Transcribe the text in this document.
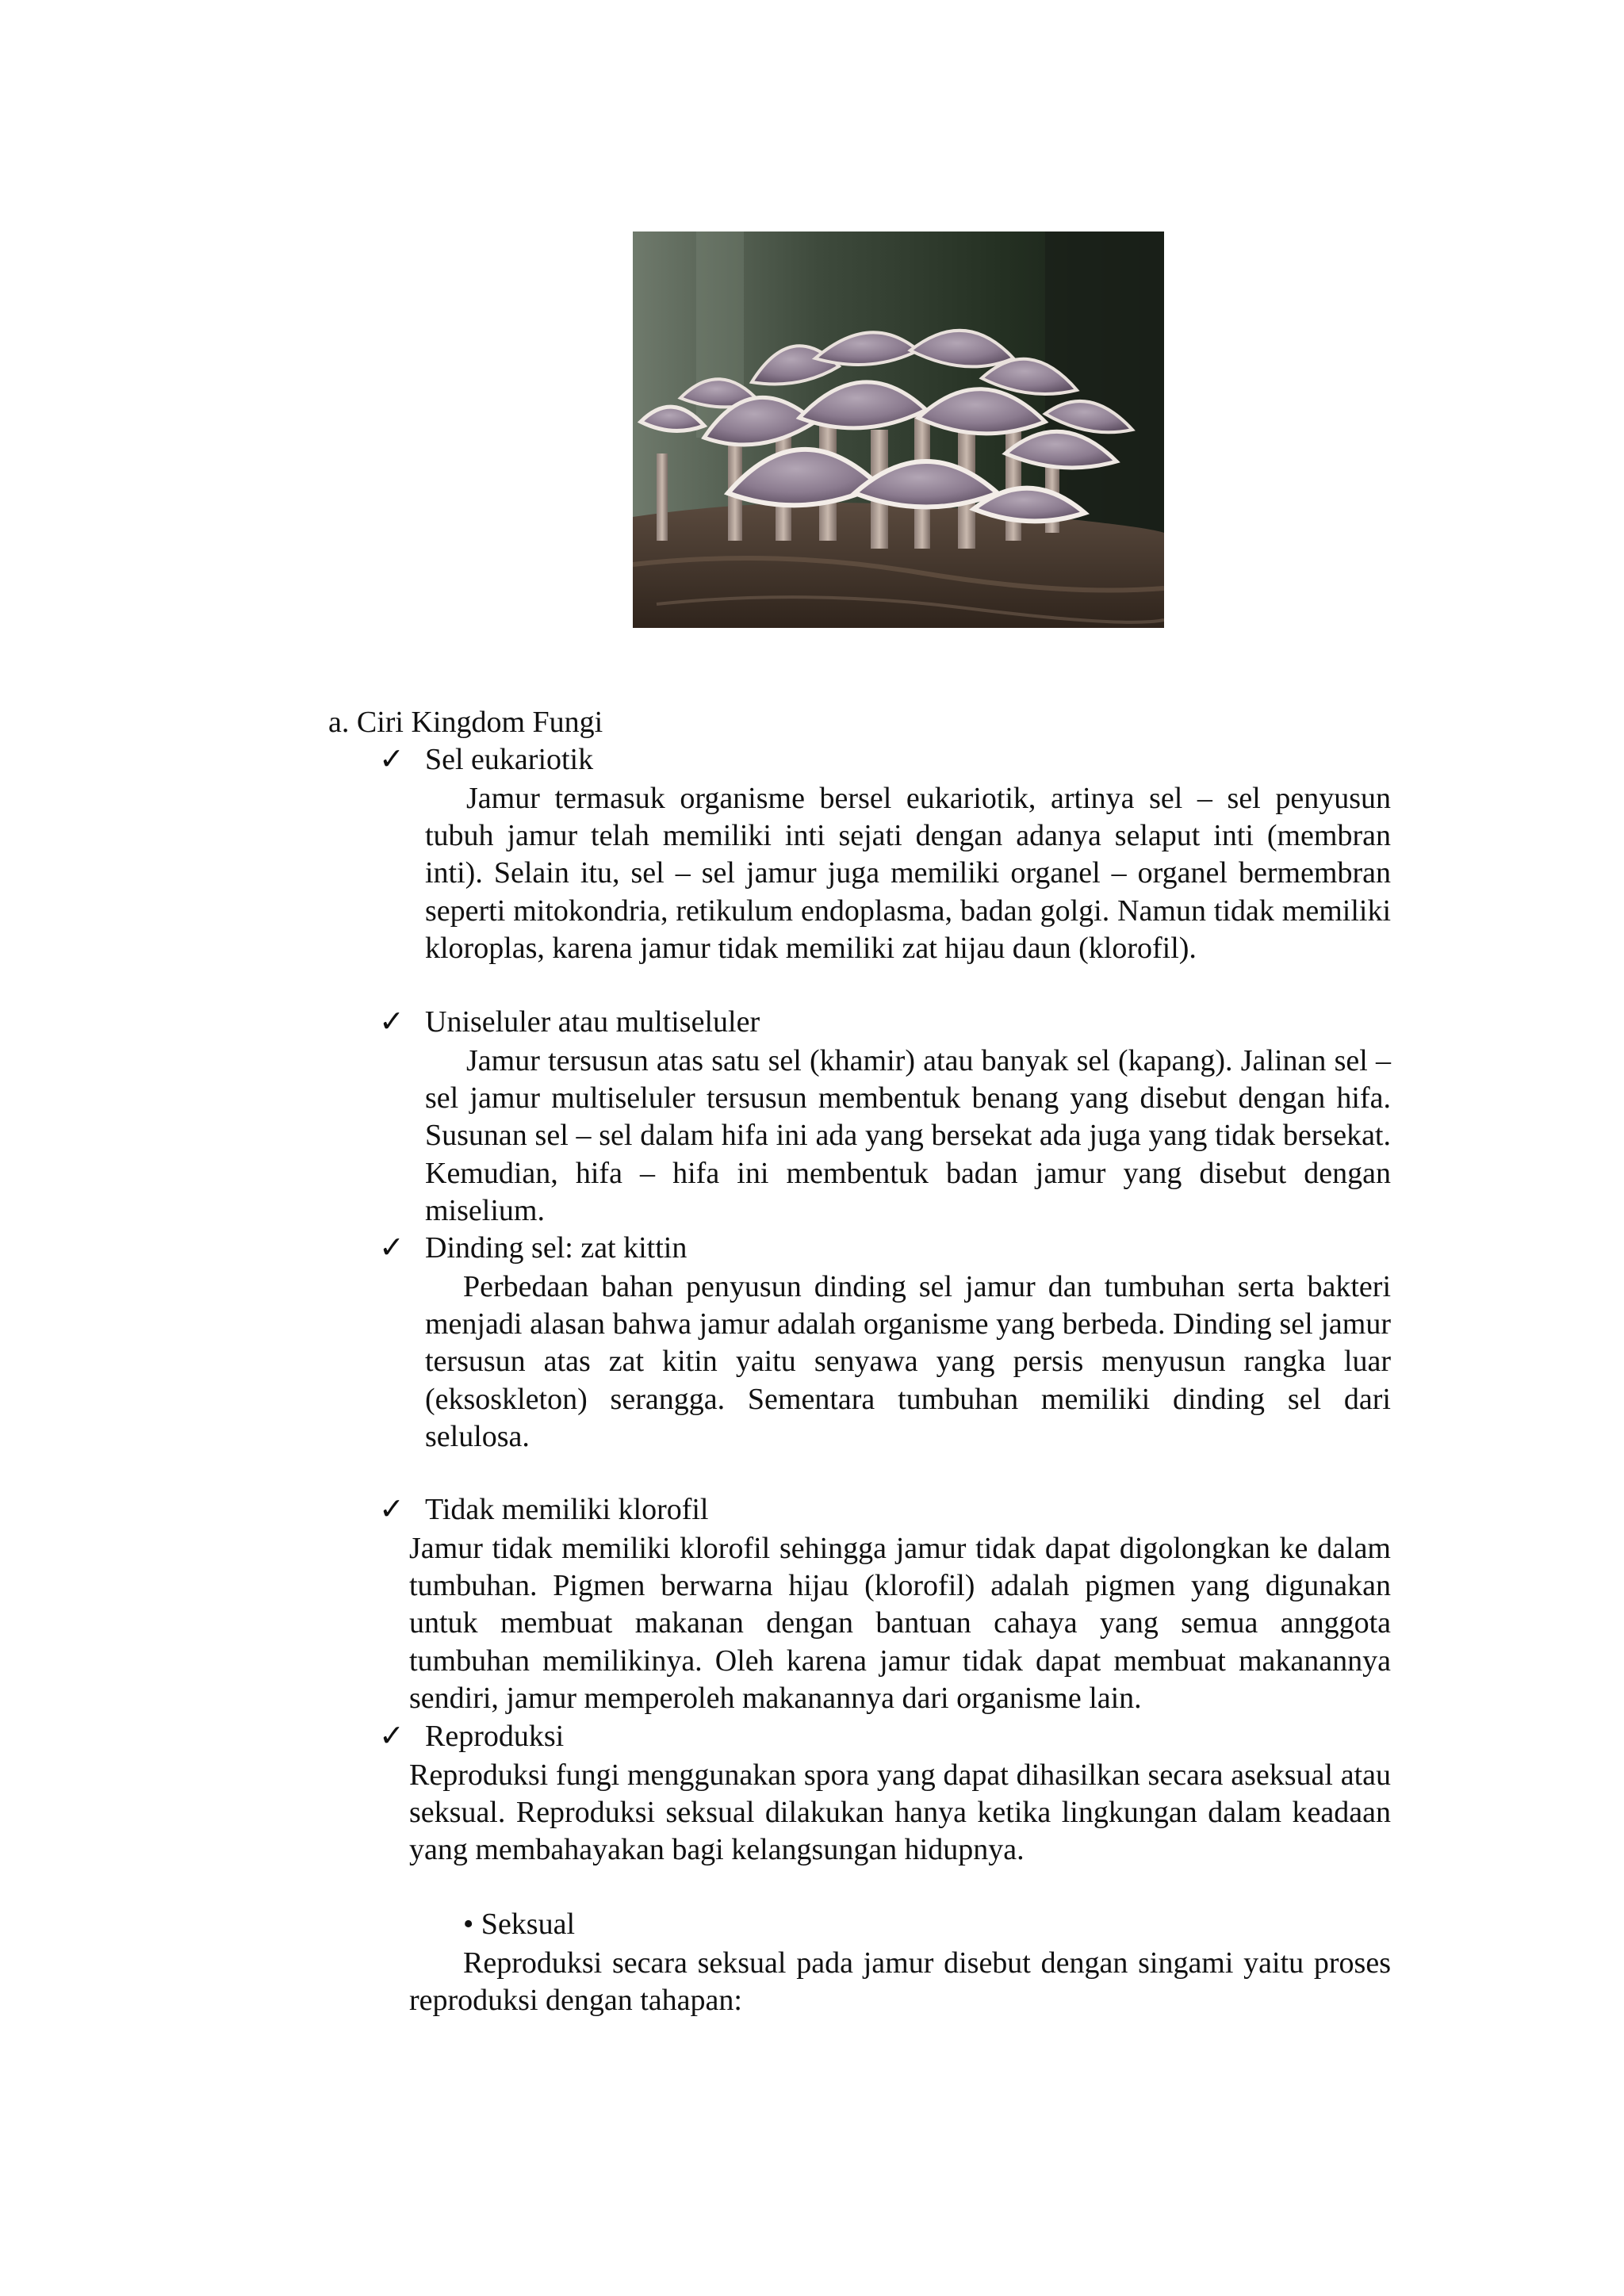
a. Ciri Kingdom Fungi
✓ Sel eukariotik

Jamur termasuk organisme bersel eukariotik, artinya sel – sel penyusun tubuh jamur telah memiliki inti sejati dengan adanya selaput inti (membran inti). Selain itu, sel – sel jamur juga memiliki organel – organel bermembran seperti mitokondria, retikulum endoplasma, badan golgi. Namun tidak memiliki kloroplas, karena jamur tidak memiliki zat hijau daun (klorofil).

✓ Uniseluler atau multiseluler

Jamur tersusun atas satu sel (khamir) atau banyak sel (kapang). Jalinan sel – sel jamur multiseluler tersusun membentuk benang yang disebut dengan hifa. Susunan sel – sel dalam hifa ini ada yang bersekat ada juga yang tidak bersekat. Kemudian, hifa – hifa ini membentuk badan jamur yang disebut dengan miselium.

✓ Dinding sel: zat kittin

Perbedaan bahan penyusun dinding sel jamur dan tumbuhan serta bakteri menjadi alasan bahwa jamur adalah organisme yang berbeda. Dinding sel jamur tersusun atas zat kitin yaitu senyawa yang persis menyusun rangka luar (eksoskleton) serangga. Sementara tumbuhan memiliki dinding sel dari selulosa.

✓ Tidak memiliki klorofil

Jamur tidak memiliki klorofil sehingga jamur tidak dapat digolongkan ke dalam tumbuhan. Pigmen berwarna hijau (klorofil) adalah pigmen yang digunakan untuk membuat makanan dengan bantuan cahaya yang semua annggota tumbuhan memilikinya. Oleh karena jamur tidak dapat membuat makanannya sendiri, jamur memperoleh makanannya dari organisme lain.

✓ Reproduksi

Reproduksi fungi menggunakan spora yang dapat dihasilkan secara aseksual atau seksual. Reproduksi seksual dilakukan hanya ketika lingkungan dalam keadaan yang membahayakan bagi kelangsungan hidupnya.

• Seksual

Reproduksi secara seksual pada jamur disebut dengan singami yaitu proses reproduksi dengan tahapan:
